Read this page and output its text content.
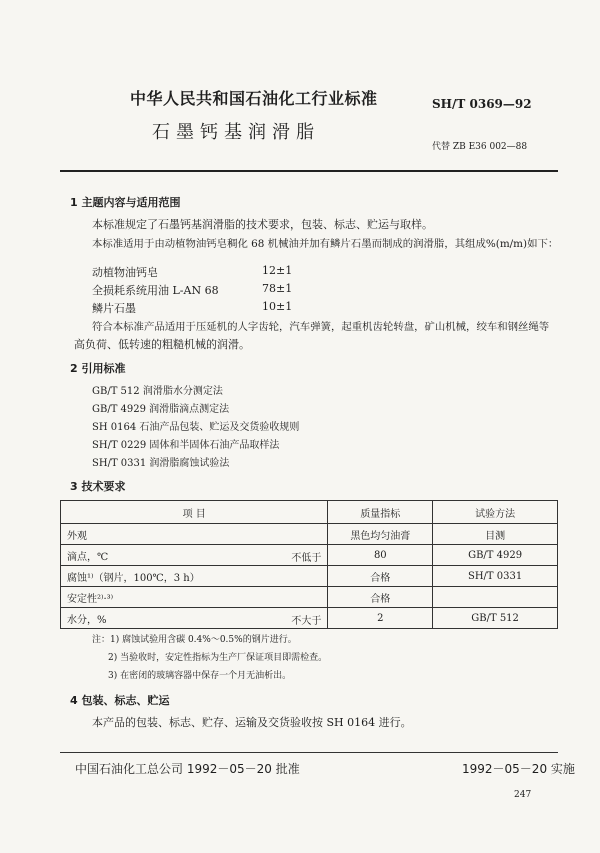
中华人民共和国石油化工行业标准	SH/T 0369—92
石墨钙基润滑脂
代替 ZB E36 002—88
1 主题内容与适用范围
本标准规定了石墨钙基润滑脂的技术要求，包装、标志、贮运与取样。
本标准适用于由动植物油钙皂稠化 68 机械油并加有鳞片石墨而制成的润滑脂，其组成%(m/m)如下：
动植物油钙皂	12±1
全损耗系统用油 L-AN 68	78±1
鳞片石墨	10±1
符合本标准产品适用于压延机的人字齿轮，汽车弹簧，起重机齿轮转盘，矿山机械，绞车和钢丝绳等
高负荷、低转速的粗糙机械的润滑。
2 引用标准
GB/T 512 润滑脂水分测定法
GB/T 4929 润滑脂滴点测定法
SH 0164 石油产品包装、贮运及交货验收规则
SH/T 0229 固体和半固体石油产品取样法
SH/T 0331 润滑脂腐蚀试验法
3 技术要求
项 目	质量指标	试验方法
外观	黑色均匀油膏	目测
滴点，℃ 不低于	80	GB/T 4929
腐蚀¹⁾（钢片，100℃，3 h）	合格	SH/T 0331
安定性²⁾·³⁾	合格	
水分，% 不大于	2	GB/T 512
注：1) 腐蚀试验用含碳 0.4%～0.5%的钢片进行。
2) 当验收时，安定性指标为生产厂保证项目即需检查。
3) 在密闭的玻璃容器中保存一个月无油析出。
4 包装、标志、贮运
本产品的包装、标志、贮存、运输及交货验收按 SH 0164 进行。
中国石油化工总公司 1992－05－20 批准	1992－05－20 实施
247
